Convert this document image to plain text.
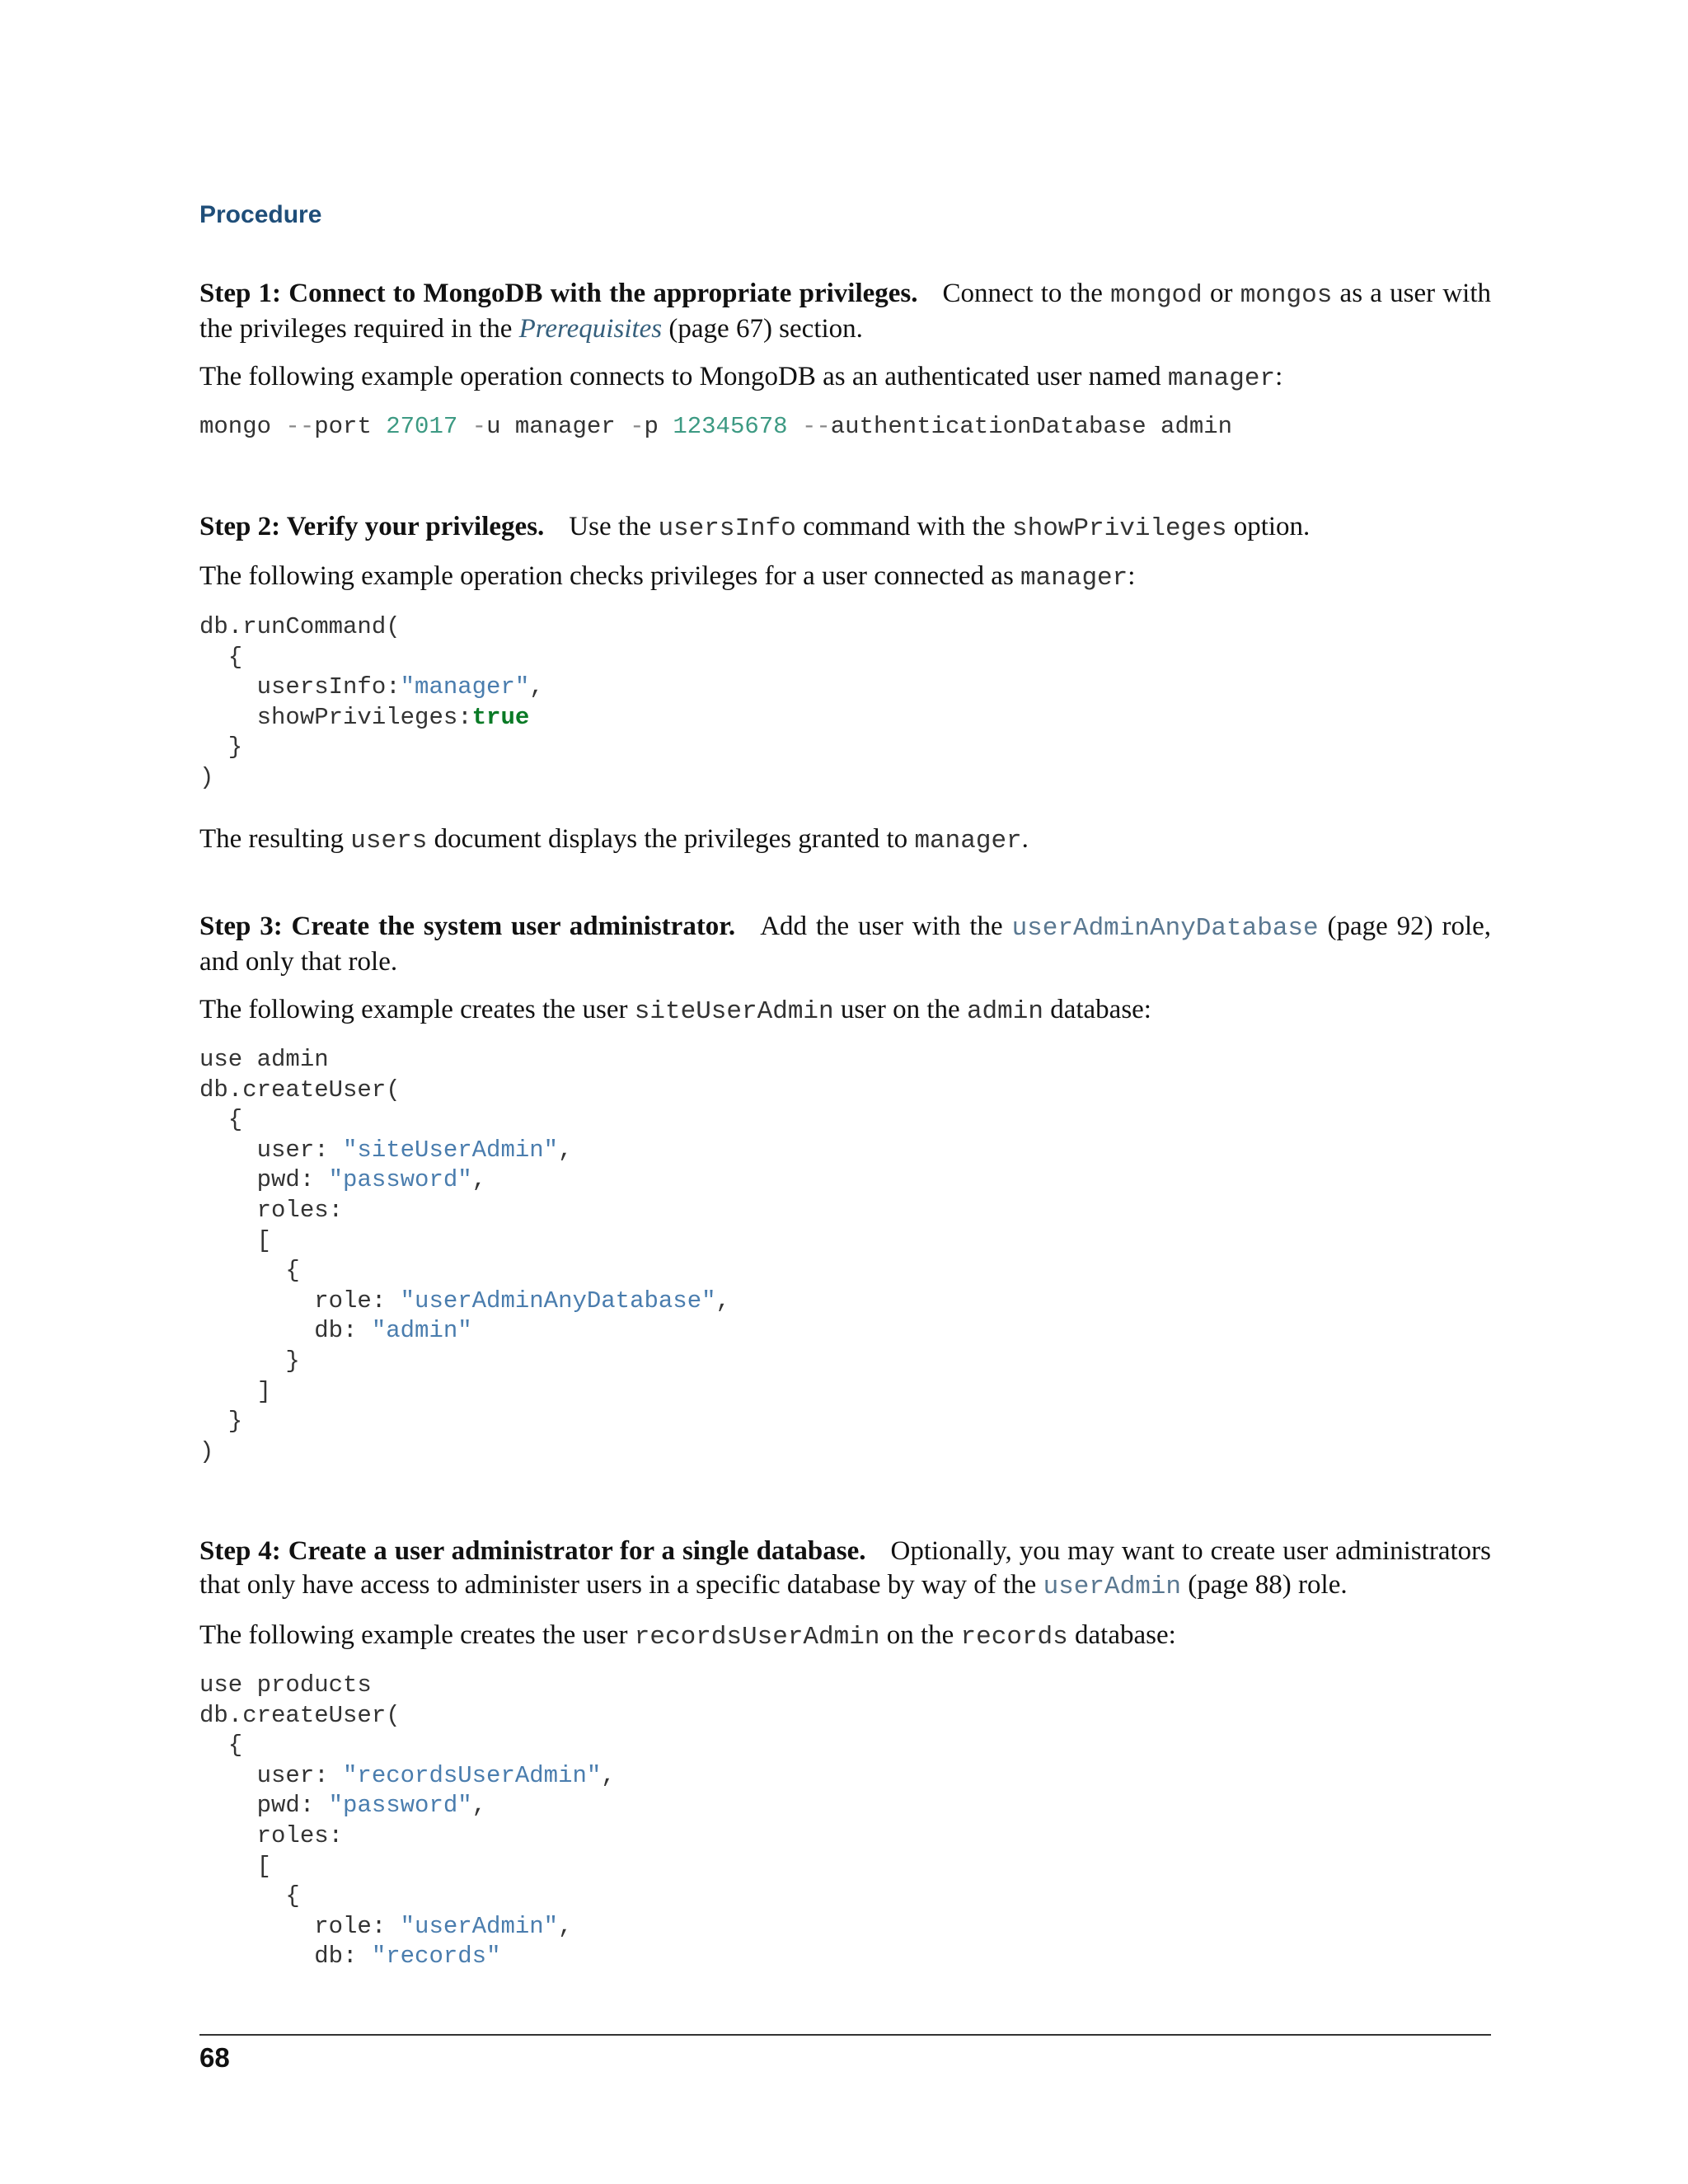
Procedure
Step 1: Connect to MongoDB with the appropriate privileges. Connect to the mongod or mongos as a user with the privileges required in the Prerequisites (page 67) section.
The following example operation connects to MongoDB as an authenticated user named manager:
mongo --port 27017 -u manager -p 12345678 --authenticationDatabase admin
Step 2: Verify your privileges. Use the usersInfo command with the showPrivileges option.
The following example operation checks privileges for a user connected as manager:
db.runCommand(
{
usersInfo:"manager",
showPrivileges:true
}
)
The resulting users document displays the privileges granted to manager.
Step 3: Create the system user administrator. Add the user with the userAdminAnyDatabase (page 92) role, and only that role.
The following example creates the user siteUserAdmin user on the admin database:
use admin
db.createUser(
{
user: "siteUserAdmin",
pwd: "password",
roles:
[
{
role: "userAdminAnyDatabase",
db: "admin"
}
]
}
)
Step 4: Create a user administrator for a single database. Optionally, you may want to create user administrators that only have access to administer users in a specific database by way of the userAdmin (page 88) role.
The following example creates the user recordsUserAdmin on the records database:
use products
db.createUser(
{
user: "recordsUserAdmin",
pwd: "password",
roles:
[
{
role: "userAdmin",
db: "records"
68
